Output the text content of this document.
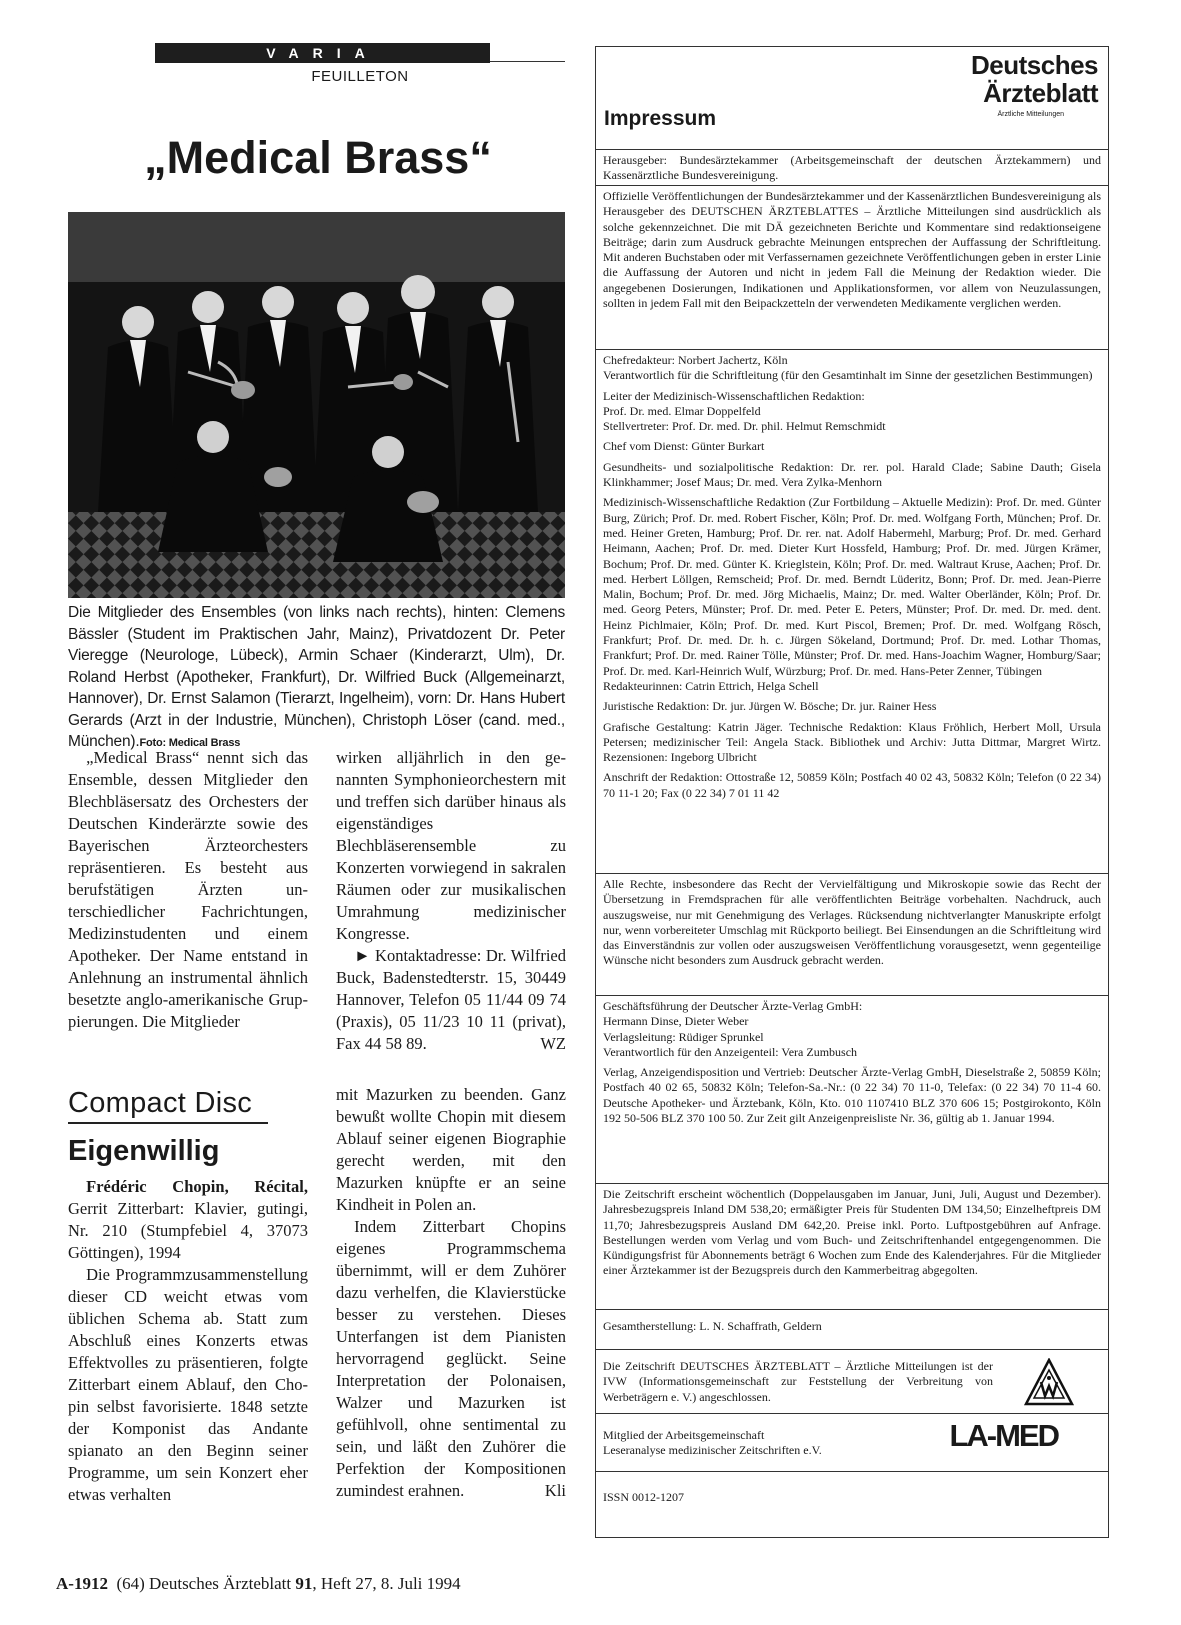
VARIA
FEUILLETON
„Medical Brass“
Die Mitglieder des Ensembles (von links nach rechts), hinten: Clemens Bässler (Student im Praktischen Jahr, Mainz), Privatdozent Dr. Peter Vieregge (Neurologe, Lübeck), Armin Schaer (Kinderarzt, Ulm), Dr. Roland Herbst (Apotheker, Frankfurt), Dr. Wilfried Buck (Allgemeinarzt, Hannover), Dr. Ernst Salamon (Tierarzt, Ingelheim), vorn: Dr. Hans Hubert Gerards (Arzt in der Industrie, München), Christoph Löser (cand. med., München).Foto: Medical Brass

„Medical Brass“ nennt sich das Ensemble, dessen Mitglieder den Blechbläsersatz des Orchesters der Deutschen Kinderärzte sowie des Bayerischen Ärzteorchesters repräsentieren. Es besteht aus berufstätigen Ärzten unterschiedlicher Fachrichtungen, Medizinstudenten und einem Apotheker. Der Name entstand in Anlehnung an instrumental ähnlich besetzte anglo-amerikanische Gruppierungen. Die Mitglieder

wirken alljährlich in den genannten Symphonieorchestern mit und treffen sich darüber hinaus als eigenständiges Blechbläserensemble zu Konzerten vorwiegend in sakralen Räumen oder zur musikalischen Umrahmung medizinischer Kongresse.

► Kontaktadresse: Dr. Wilfried Buck, Badenstedterstr. 15, 30449 Hannover, Telefon 05 11/44 09 74 (Praxis), 05 11/23 10 11 (privat), Fax 44 58 89.	WZ
Compact Disc
Eigenwillig

Frédéric Chopin, Récital, Gerrit Zitterbart: Klavier, gutingi, Nr. 210 (Stumpfebiel 4, 37073 Göttingen), 1994

Die Programmzusammenstellung dieser CD weicht etwas vom üblichen Schema ab. Statt zum Abschluß eines Konzerts etwas Effektvolles zu präsentieren, folgte Zitterbart einem Ablauf, den Chopin selbst favorisierte. 1848 setzte der Komponist das Andante spianato an den Beginn seiner Programme, um sein Konzert eher etwas verhalten

mit Mazurken zu beenden. Ganz bewußt wollte Chopin mit diesem Ablauf seiner eigenen Biographie gerecht werden, mit den Mazurken knüpfte er an seine Kindheit in Polen an.

Indem Zitterbart Chopins eigenes Programmschema übernimmt, will er dem Zuhörer dazu verhelfen, die Klavierstücke besser zu verstehen. Dieses Unterfangen ist dem Pianisten hervorragend geglückt. Seine Interpretation der Polonaisen, Walzer und Mazurken ist gefühlvoll, ohne sentimental zu sein, und läßt den Zuhörer die Perfektion der Kompositionen zumindest erahnen.	Kli
A-1912 (64) Deutsches Ärzteblatt 91, Heft 27, 8. Juli 1994
Impressum
Deutsches
Ärzteblatt
Ärztliche Mitteilungen

Herausgeber: Bundesärztekammer (Arbeitsgemeinschaft der deutschen Ärztekammern) und Kassenärztliche Bundesvereinigung.

Offizielle Veröffentlichungen der Bundesärztekammer und der Kassenärztlichen Bundesvereinigung als Herausgeber des DEUTSCHEN ÄRZTEBLATTES – Ärztliche Mitteilungen sind ausdrücklich als solche gekennzeichnet. Die mit DÄ gezeichneten Berichte und Kommentare sind redaktionseigene Beiträge; darin zum Ausdruck gebrachte Meinungen entsprechen der Auffassung der Schriftleitung. Mit anderen Buchstaben oder mit Verfassernamen gezeichnete Veröffentlichungen geben in erster Linie die Auffassung der Autoren und nicht in jedem Fall die Meinung der Redaktion wieder. Die angegebenen Dosierungen, Indikationen und Applikationsformen, vor allem von Neuzulassungen, sollten in jedem Fall mit den Beipackzetteln der verwendeten Medikamente verglichen werden.

Chefredakteur: Norbert Jachertz, Köln
Verantwortlich für die Schriftleitung (für den Gesamtinhalt im Sinne der gesetzlichen Bestimmungen)

Leiter der Medizinisch-Wissenschaftlichen Redaktion:
Prof. Dr. med. Elmar Doppelfeld
Stellvertreter: Prof. Dr. med. Dr. phil. Helmut Remschmidt

Chef vom Dienst: Günter Burkart

Gesundheits- und sozialpolitische Redaktion: Dr. rer. pol. Harald Clade; Sabine Dauth; Gisela Klinkhammer; Josef Maus; Dr. med. Vera Zylka-Menhorn

Medizinisch-Wissenschaftliche Redaktion (Zur Fortbildung – Aktuelle Medizin): Prof. Dr. med. Günter Burg, Zürich; Prof. Dr. med. Robert Fischer, Köln; Prof. Dr. med. Wolfgang Forth, München; Prof. Dr. med. Heiner Greten, Hamburg; Prof. Dr. rer. nat. Adolf Habermehl, Marburg; Prof. Dr. med. Gerhard Heimann, Aachen; Prof. Dr. med. Dieter Kurt Hossfeld, Hamburg; Prof. Dr. med. Jürgen Krämer, Bochum; Prof. Dr. med. Günter K. Krieglstein, Köln; Prof. Dr. med. Waltraut Kruse, Aachen; Prof. Dr. med. Herbert Löllgen, Remscheid; Prof. Dr. med. Berndt Lüderitz, Bonn; Prof. Dr. med. Jean-Pierre Malin, Bochum; Prof. Dr. med. Jörg Michaelis, Mainz; Dr. med. Walter Oberländer, Köln; Prof. Dr. med. Georg Peters, Münster; Prof. Dr. med. Peter E. Peters, Münster; Prof. Dr. med. Dr. med. dent. Heinz Pichlmaier, Köln; Prof. Dr. med. Kurt Piscol, Bremen; Prof. Dr. med. Wolfgang Rösch, Frankfurt; Prof. Dr. med. Dr. h. c. Jürgen Sökeland, Dortmund; Prof. Dr. med. Lothar Thomas, Frankfurt; Prof. Dr. med. Rainer Tölle, Münster; Prof. Dr. med. Hans-Joachim Wagner, Homburg/Saar; Prof. Dr. med. Karl-Heinrich Wulf, Würzburg; Prof. Dr. med. Hans-Peter Zenner, Tübingen
Redakteurinnen: Catrin Ettrich, Helga Schell

Juristische Redaktion: Dr. jur. Jürgen W. Bösche; Dr. jur. Rainer Hess

Grafische Gestaltung: Katrin Jäger. Technische Redaktion: Klaus Fröhlich, Herbert Moll, Ursula Petersen; medizinischer Teil: Angela Stack. Bibliothek und Archiv: Jutta Dittmar, Margret Wirtz. Rezensionen: Ingeborg Ulbricht

Anschrift der Redaktion: Ottostraße 12, 50859 Köln; Postfach 40 02 43, 50832 Köln; Telefon (0 22 34) 70 11-1 20; Fax (0 22 34) 7 01 11 42

Alle Rechte, insbesondere das Recht der Vervielfältigung und Mikroskopie sowie das Recht der Übersetzung in Fremdsprachen für alle veröffentlichten Beiträge vorbehalten. Nachdruck, auch auszugsweise, nur mit Genehmigung des Verlages. Rücksendung nichtverlangter Manuskripte erfolgt nur, wenn vorbereiteter Umschlag mit Rückporto beiliegt. Bei Einsendungen an die Schriftleitung wird das Einverständnis zur vollen oder auszugsweisen Veröffentlichung vorausgesetzt, wenn gegenteilige Wünsche nicht besonders zum Ausdruck gebracht werden.

Geschäftsführung der Deutscher Ärzte-Verlag GmbH:
Hermann Dinse, Dieter Weber
Verlagsleitung: Rüdiger Sprunkel
Verantwortlich für den Anzeigenteil: Vera Zumbusch

Verlag, Anzeigendisposition und Vertrieb: Deutscher Ärzte-Verlag GmbH, Dieselstraße 2, 50859 Köln; Postfach 40 02 65, 50832 Köln; Telefon-Sa.-Nr.: (0 22 34) 70 11-0, Telefax: (0 22 34) 70 11-4 60. Deutsche Apotheker- und Ärztebank, Köln, Kto. 010 1107410 BLZ 370 606 15; Postgirokonto, Köln 192 50-506 BLZ 370 100 50. Zur Zeit gilt Anzeigenpreisliste Nr. 36, gültig ab 1. Januar 1994.

Die Zeitschrift erscheint wöchentlich (Doppelausgaben im Januar, Juni, Juli, August und Dezember). Jahresbezugspreis Inland DM 538,20; ermäßigter Preis für Studenten DM 134,50; Einzelheftpreis DM 11,70; Jahresbezugspreis Ausland DM 642,20. Preise inkl. Porto. Luftpostgebühren auf Anfrage. Bestellungen werden vom Verlag und vom Buch- und Zeitschriftenhandel entgegengenommen. Die Kündigungsfrist für Abonnements beträgt 6 Wochen zum Ende des Kalenderjahres. Für die Mitglieder einer Ärztekammer ist der Bezugspreis durch den Kammerbeitrag abgegolten.

Gesamtherstellung: L. N. Schaffrath, Geldern

Die Zeitschrift DEUTSCHES ÄRZTEBLATT – Ärztliche Mitteilungen ist der IVW (Informationsgemeinschaft zur Feststellung der Verbreitung von Werbeträgern e. V.) angeschlossen.

Mitglied der Arbeitsgemeinschaft
Leseranalyse medizinischer Zeitschriften e.V.	LA-MED

ISSN 0012-1207
